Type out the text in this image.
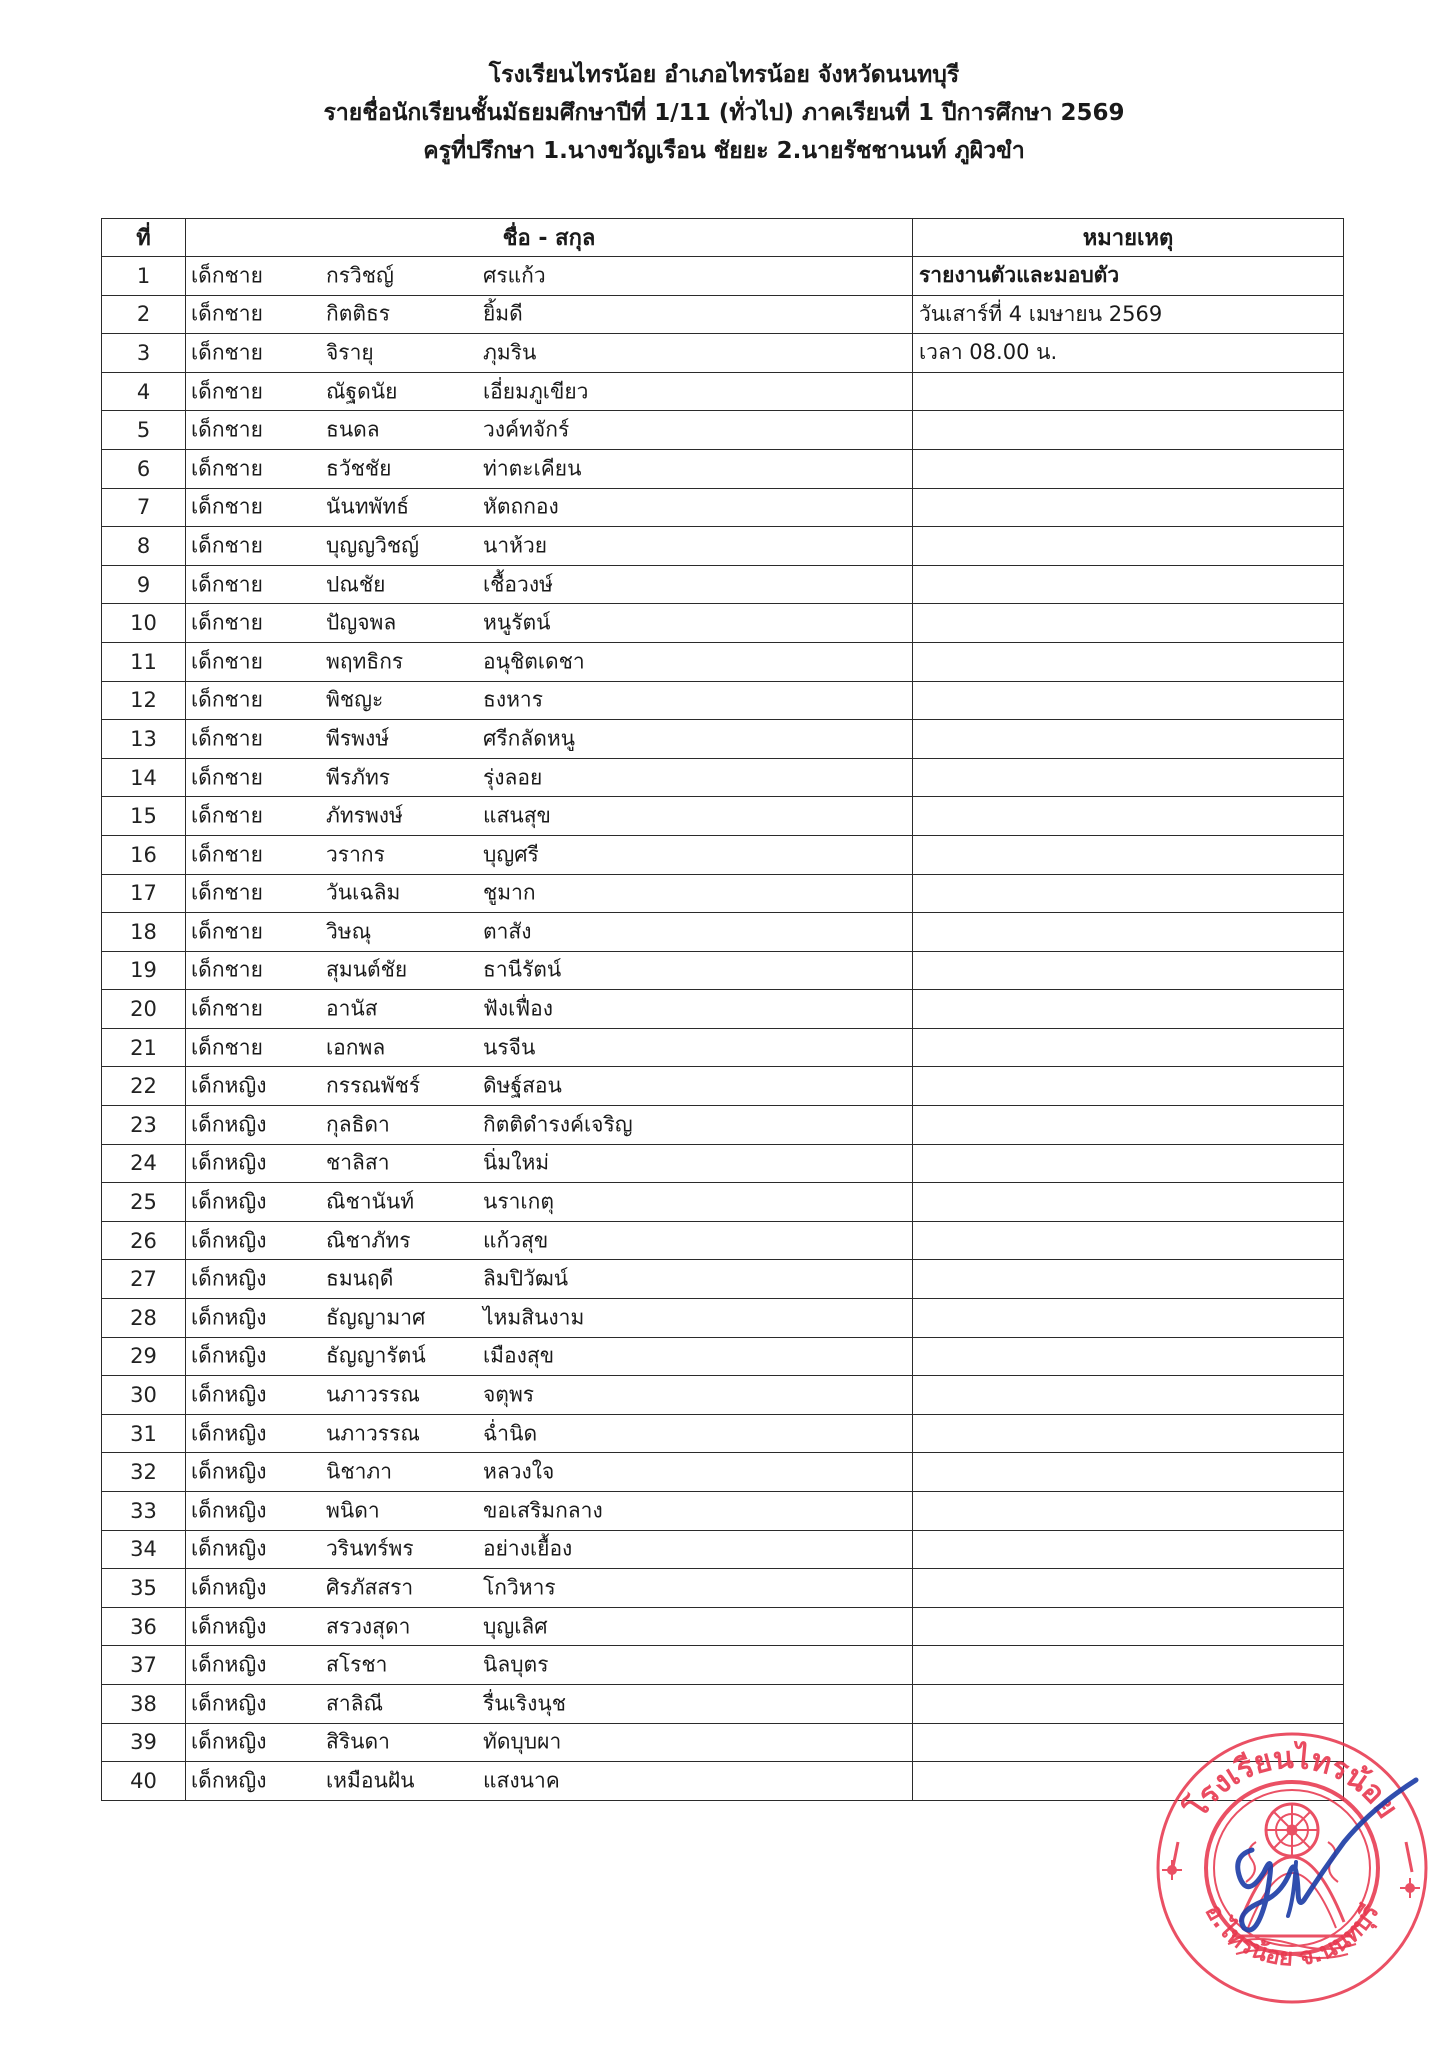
โรงเรียนไทรน้อย อำเภอไทรน้อย จังหวัดนนทบุรี
รายชื่อนักเรียนชั้นมัธยมศึกษาปีที่ 1/11 (ทั่วไป) ภาคเรียนที่ 1 ปีการศึกษา 2569
ครูที่ปรึกษา 1.นางขวัญเรือน ชัยยะ 2.นายรัชชานนท์ ภูผิวขำ
ที่	ชื่อ - สกุล	หมายเหตุ
1	เด็กชาย กรวิชญ์ ศรแก้ว	รายงานตัวและมอบตัว
2	เด็กชาย กิตติธร ยิ้มดี	วันเสาร์ที่ 4 เมษายน 2569
3	เด็กชาย จิรายุ ภุมริน	เวลา 08.00 น.
4	เด็กชาย ณัฐดนัย เอี่ยมภูเขียว	

5	เด็กชาย ธนดล วงค์ทจักร์	

6	เด็กชาย ธวัชชัย ท่าตะเคียน	

7	เด็กชาย นันทพัทธ์ หัตถกอง	

8	เด็กชาย บุญญวิชญ์ นาห้วย	

9	เด็กชาย ปณชัย เชื้อวงษ์	

10	เด็กชาย ปัญจพล หนูรัตน์	

11	เด็กชาย พฤทธิกร อนุชิตเดชา	

12	เด็กชาย พิชญะ ธงหาร	

13	เด็กชาย พีรพงษ์ ศรีกลัดหนู	

14	เด็กชาย พีรภัทร รุ่งลอย	

15	เด็กชาย ภัทรพงษ์ แสนสุข	

16	เด็กชาย วรากร บุญศรี	

17	เด็กชาย วันเฉลิม ชูมาก	

18	เด็กชาย วิษณุ ตาสัง	

19	เด็กชาย สุมนต์ชัย ธานีรัตน์	

20	เด็กชาย อานัส ฟังเฟื่อง	

21	เด็กชาย เอกพล นรจีน	

22	เด็กหญิง กรรณพัชร์ ดิษฐ์สอน	

23	เด็กหญิง กุลธิดา กิตติดำรงค์เจริญ	

24	เด็กหญิง ชาลิสา นิ่มใหม่	

25	เด็กหญิง ณิชานันท์ นราเกตุ	

26	เด็กหญิง ณิชาภัทร แก้วสุข	

27	เด็กหญิง ธมนฤดี ลิมปิวัฒน์	

28	เด็กหญิง ธัญญามาศ ไหมสินงาม	

29	เด็กหญิง ธัญญารัตน์ เมืองสุข	

30	เด็กหญิง นภาวรรณ จตุพร	

31	เด็กหญิง นภาวรรณ ฉ่ำนิด	

32	เด็กหญิง นิชาภา หลวงใจ	

33	เด็กหญิง พนิดา ขอเสริมกลาง	

34	เด็กหญิง วรินทร์พร อย่างเยื้อง	

35	เด็กหญิง ศิรภัสสรา โกวิหาร	

36	เด็กหญิง สรวงสุดา บุญเลิศ	

37	เด็กหญิง สโรชา นิลบุตร	

38	เด็กหญิง สาลิณี รื่นเริงนุช	

39	เด็กหญิง สิรินดา ทัดบุบผา	

40	เด็กหญิง เหมือนฝัน แสงนาค	

โรงเรียนไทรน้อย
อ.ไทรน้อย จ.นนทบุรี
